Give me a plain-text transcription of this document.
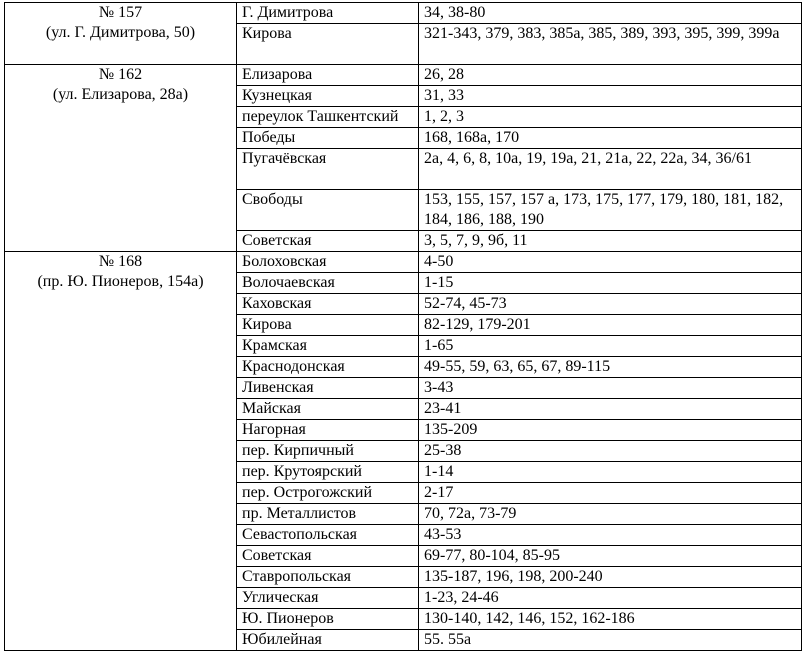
№ 157
(ул. Г. Димитрова, 50)	Г. Димитрова	34, 38-80
	Кирова	321-343, 379, 383, 385а, 385, 389, 393, 395, 399, 399а

№ 162
(ул. Елизарова, 28а)	Елизарова	26, 28
	Кузнецкая	31, 33
	переулок Ташкентский	1, 2, 3
	Победы	168, 168а, 170
	Пугачёвская	2а, 4, 6, 8, 10а, 19, 19а, 21, 21а, 22, 22а, 34, 36/61
	Свободы	153, 155, 157, 157 а, 173, 175, 177, 179, 180, 181, 182, 184, 186, 188, 190
	Советская	3, 5, 7, 9, 9б, 11

№ 168
(пр. Ю. Пионеров, 154а)	Болоховская	4-50
	Волочаевская	1-15
	Каховская	52-74, 45-73
	Кирова	82-129, 179-201
	Крамская	1-65
	Краснодонская	49-55, 59, 63, 65, 67, 89-115
	Ливенская	3-43
	Майская	23-41
	Нагорная	135-209
	пер. Кирпичный	25-38
	пер. Крутоярский	1-14
	пер. Острогожский	2-17
	пр. Металлистов	70, 72а, 73-79
	Севастопольская	43-53
	Советская	69-77, 80-104, 85-95
	Ставропольская	135-187, 196, 198, 200-240
	Угличеcкая	1-23, 24-46
	Ю. Пионеров	130-140, 142, 146, 152, 162-186
	Юбилейная	55. 55а
